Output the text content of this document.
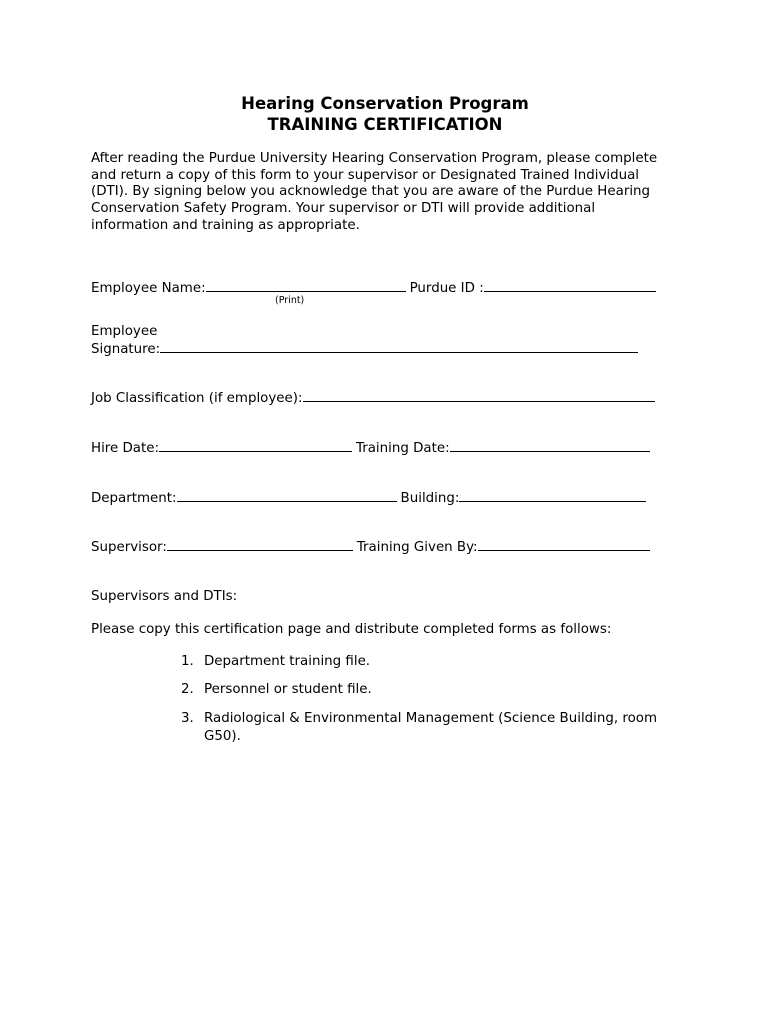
Hearing Conservation Program
TRAINING CERTIFICATION

After reading the Purdue University Hearing Conservation Program, please complete
and return a copy of this form to your supervisor or Designated Trained Individual
(DTI). By signing below you acknowledge that you are aware of the Purdue Hearing
Conservation Safety Program. Your supervisor or DTI will provide additional
information and training as appropriate.

Employee Name:	Purdue ID :
(Print)
Employee
Signature:
Job Classification (if employee):
Hire Date:	Training Date:
Department:	Building:
Supervisor:	Training Given By:
Supervisors and DTIs:
Please copy this certification page and distribute completed forms as follows:
1. Department training file.
2. Personnel or student file.
3. Radiological & Environmental Management (Science Building, room G50).
